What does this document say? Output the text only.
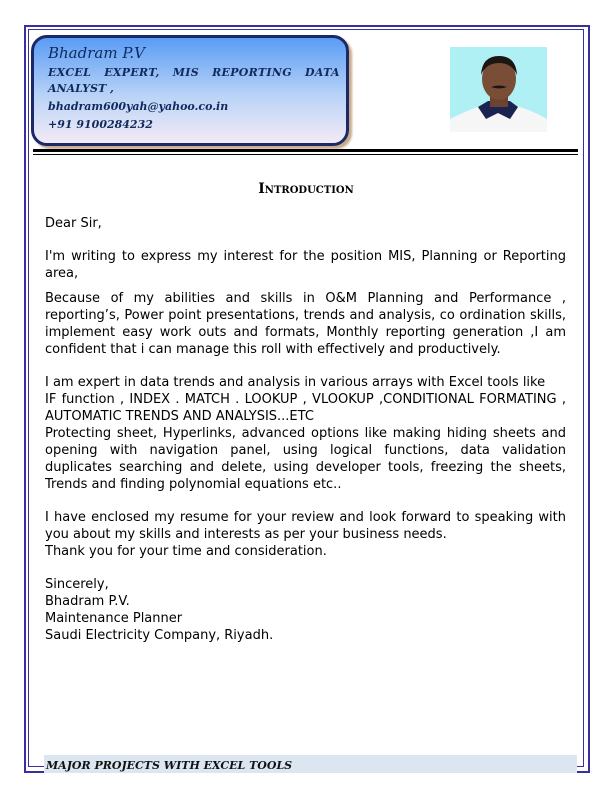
Bhadram P.V
EXCEL EXPERT, MIS REPORTING DATA
ANALYST ,
bhadram600yah@yahoo.co.in
+91 9100284232
Introduction

Dear Sir,

I'm writing to express my interest for the position MIS, Planning or Reporting area,

Because of my abilities and skills in O&M Planning and Performance , reporting’s, Power point presentations, trends and analysis, co ordination skills, implement easy work outs and formats, Monthly reporting generation ,I am confident that i can manage this roll with effectively and productively.

I am expert in data trends and analysis in various arrays with Excel tools like

IF function , INDEX . MATCH . LOOKUP , VLOOKUP ,CONDITIONAL FORMATING , AUTOMATIC TRENDS AND ANALYSIS...ETC

Protecting sheet, Hyperlinks, advanced options like making hiding sheets and opening with navigation panel, using logical functions, data validation duplicates searching and delete, using developer tools, freezing the sheets, Trends and finding polynomial equations etc..

I have enclosed my resume for your review and look forward to speaking with you about my skills and interests as per your business needs.

Thank you for your time and consideration.

Sincerely,

Bhadram P.V.

Maintenance Planner

Saudi Electricity Company, Riyadh.

MAJOR PROJECTS WITH EXCEL TOOLS
